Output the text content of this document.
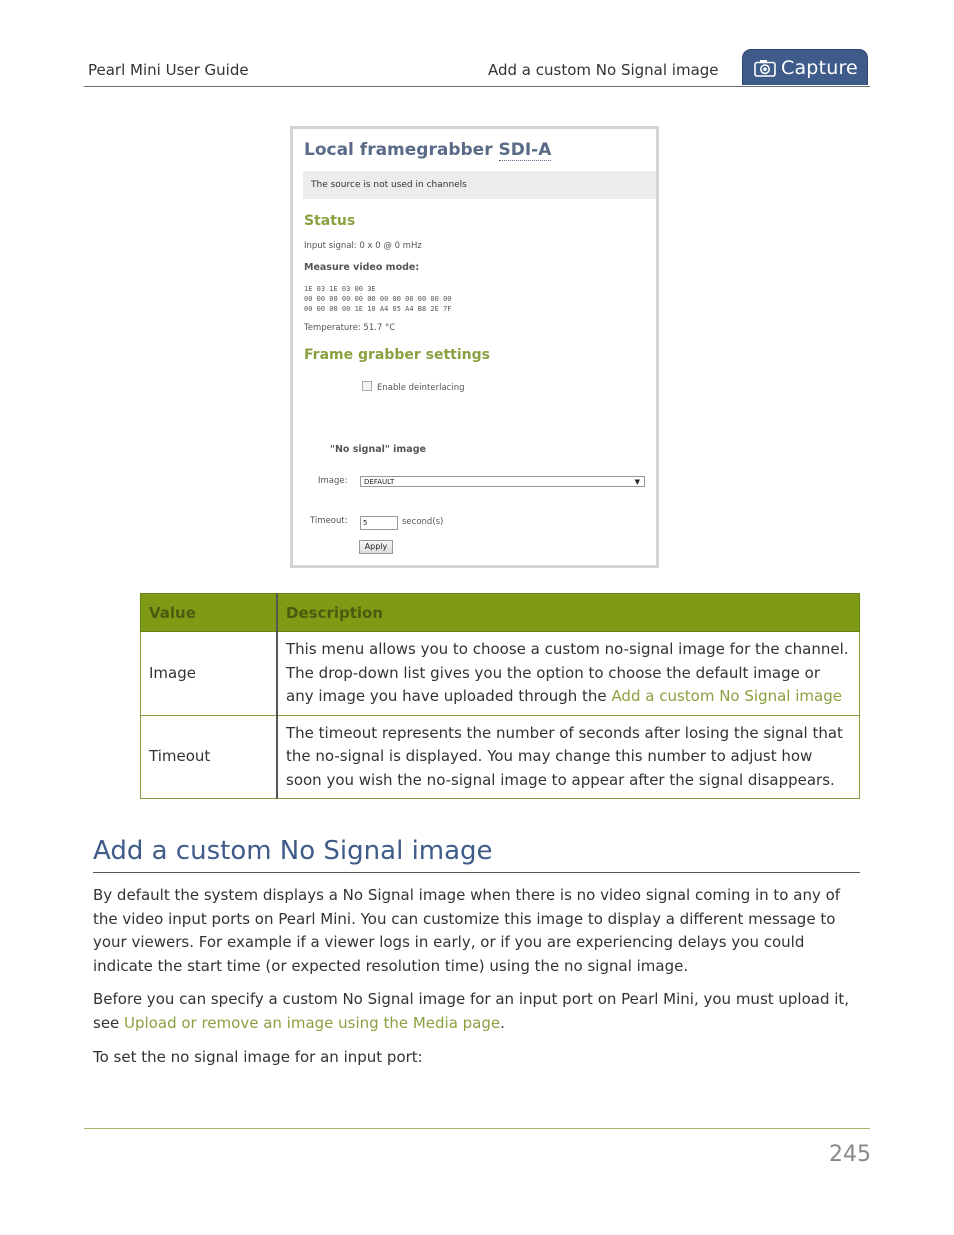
Pearl Mini User Guide	Add a custom No Signal image	Capture
Local framegrabber SDI-A
The source is not used in channels
Status
Input signal: 0 x 0 @ 0 mHz
Measure video mode:
1E 03 1E 03 00 3E
00 00 00 00 00 00 00 00 00 00 00 00
00 00 00 00 1E 10 A4 05 A4 B8 2E 7F
Temperature: 51.7 °C
Frame grabber settings
Enable deinterlacing
"No signal" image
Image:	DEFAULT	▼
Timeout:	5	second(s)
Apply
Value	Description
Image	This menu allows you to choose a custom no-signal image for the channel. The drop-down list gives you the option to choose the default image or any image you have uploaded through the Add a custom No Signal image
Timeout	The timeout represents the number of seconds after losing the signal that the no-signal is displayed. You may change this number to adjust how soon you wish the no-signal image to appear after the signal disappears.
Add a custom No Signal image
By default the system displays a No Signal image when there is no video signal coming in to any of the video input ports on Pearl Mini. You can customize this image to display a different message to your viewers. For example if a viewer logs in early, or if you are experiencing delays you could indicate the start time (or expected resolution time) using the no signal image.
Before you can specify a custom No Signal image for an input port on Pearl Mini, you must upload it, see Upload or remove an image using the Media page.
To set the no signal image for an input port:
245
